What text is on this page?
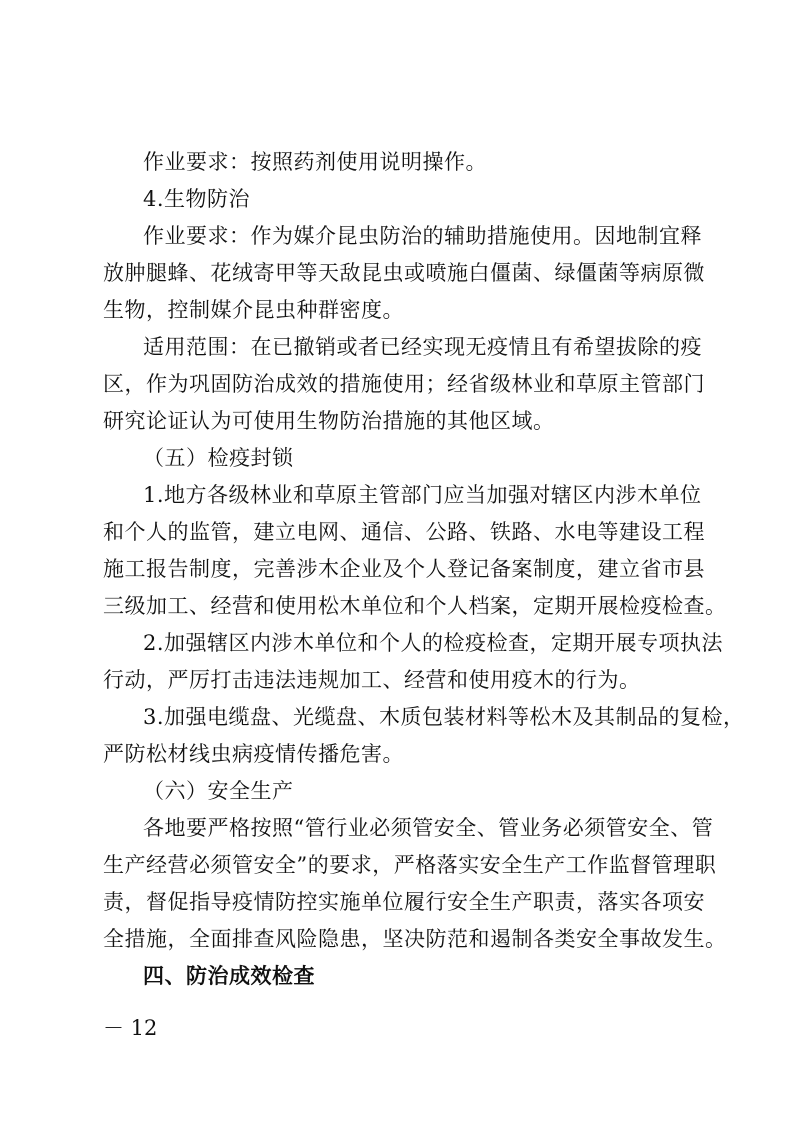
作业要求：按照药剂使用说明操作。
4.生物防治
作业要求：作为媒介昆虫防治的辅助措施使用。因地制宜释
放肿腿蜂、花绒寄甲等天敌昆虫或喷施白僵菌、绿僵菌等病原微
生物，控制媒介昆虫种群密度。
适用范围：在已撤销或者已经实现无疫情且有希望拔除的疫
区，作为巩固防治成效的措施使用；经省级林业和草原主管部门
研究论证认为可使用生物防治措施的其他区域。
（五）检疫封锁
1.地方各级林业和草原主管部门应当加强对辖区内涉木单位
和个人的监管，建立电网、通信、公路、铁路、水电等建设工程
施工报告制度，完善涉木企业及个人登记备案制度，建立省市县
三级加工、经营和使用松木单位和个人档案，定期开展检疫检查。
2.加强辖区内涉木单位和个人的检疫检查，定期开展专项执法
行动，严厉打击违法违规加工、经营和使用疫木的行为。
3.加强电缆盘、光缆盘、木质包装材料等松木及其制品的复检，
严防松材线虫病疫情传播危害。
（六）安全生产
各地要严格按照“管行业必须管安全、管业务必须管安全、管
生产经营必须管安全”的要求，严格落实安全生产工作监督管理职
责，督促指导疫情防控实施单位履行安全生产职责，落实各项安
全措施，全面排查风险隐患，坚决防范和遏制各类安全事故发生。
四、防治成效检查
－ 12
